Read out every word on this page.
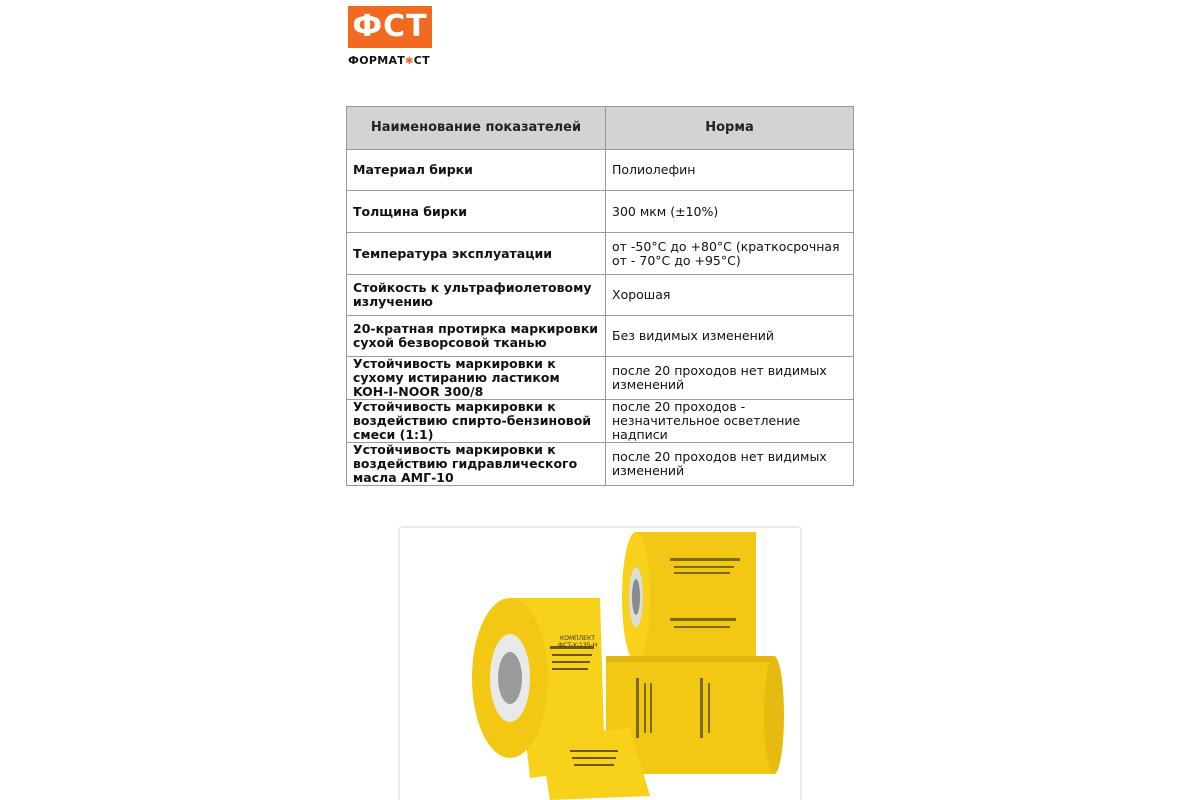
ФСТ
ФОРМАТ✱СТ
Наименование показателей	Норма
Материал бирки	Полиолефин
Толщина бирки	300 мкм (±10%)
Температура эксплуатации	от -50°C до +80°C (краткосрочная от - 70°C до +95°C)
Стойкость к ультрафиолетовому излучению	Хорошая
20-кратная протирка маркировки сухой безворсовой тканью	Без видимых изменений
Устойчивость маркировки к сухому истиранию ластиком KOH-I-NOOR 300/8	после 20 проходов нет видимых изменений
Устойчивость маркировки к воздействию спирто-бензиновой смеси (1:1)	после 20 проходов - незначительное осветление надписи
Устойчивость маркировки к воздействию гидравлического масла АМГ-10	после 20 проходов нет видимых изменений
КОМПЛЕКТ
ФСТ-У-135-Н
